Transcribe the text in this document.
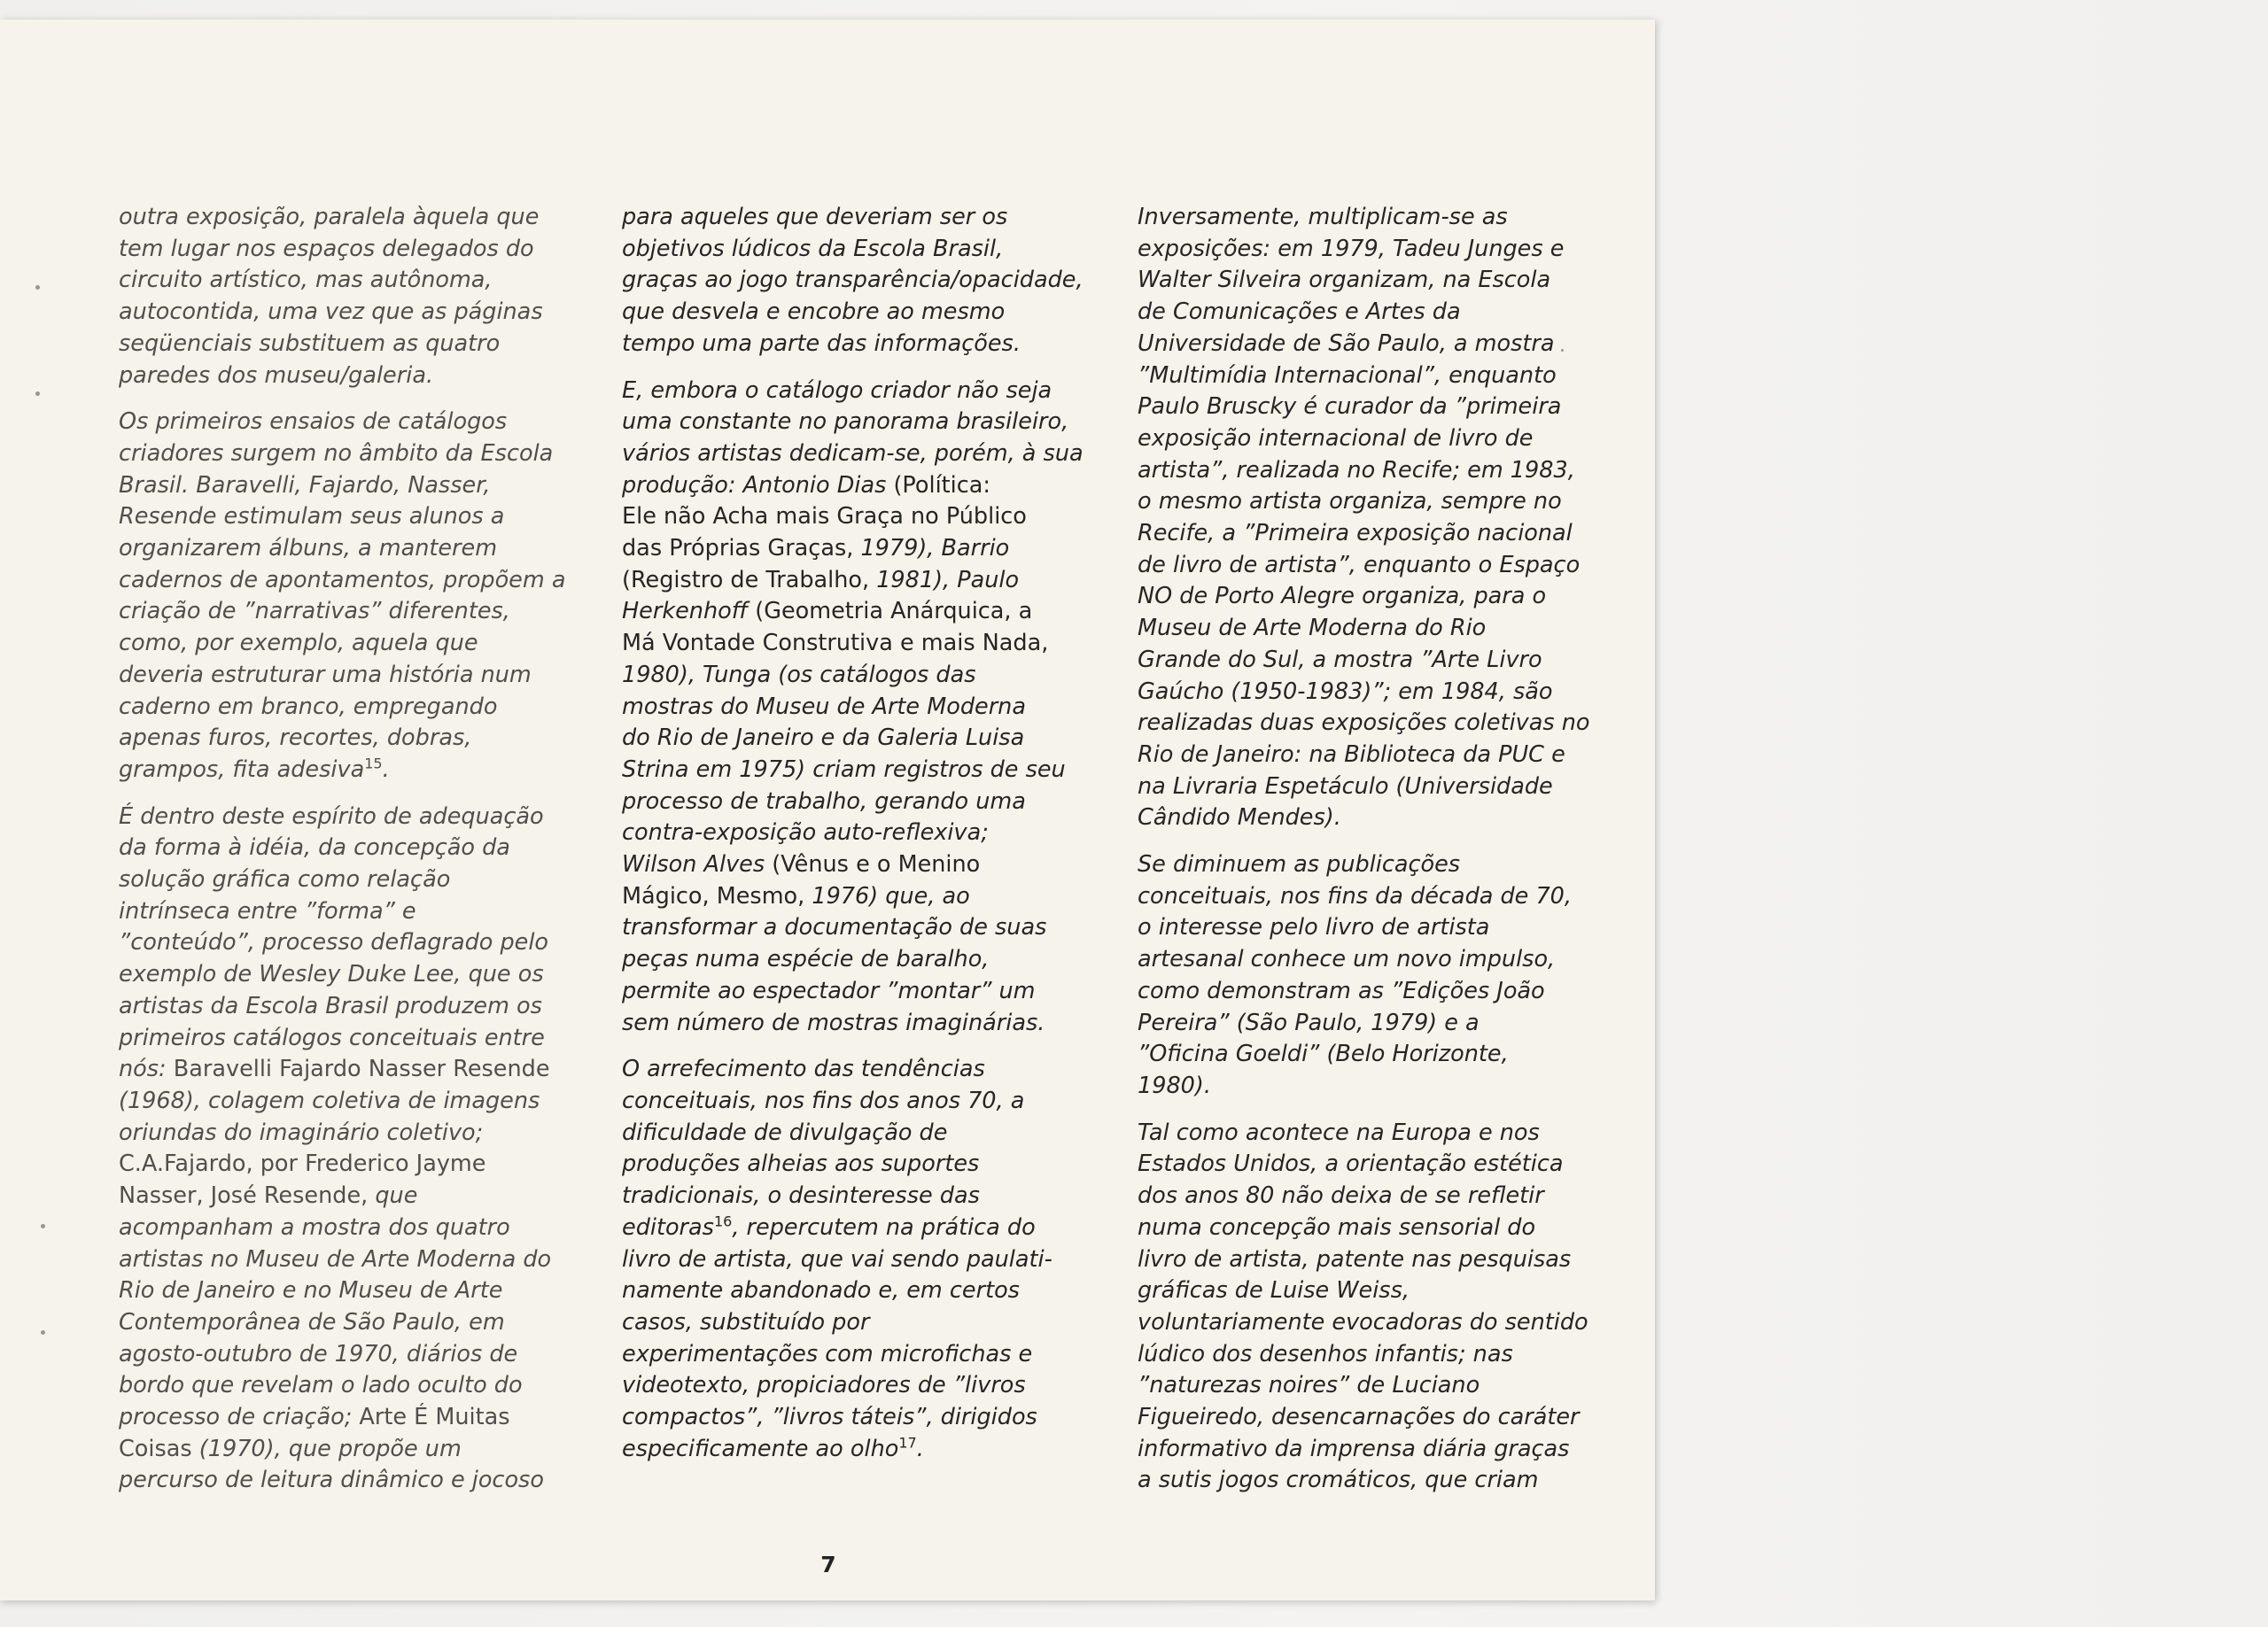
outra exposição, paralela àquela que
tem lugar nos espaços delegados do
circuito artístico, mas autônoma,
autocontida, uma vez que as páginas
seqüenciais substituem as quatro
paredes dos museu/galeria.

Os primeiros ensaios de catálogos
criadores surgem no âmbito da Escola
Brasil. Baravelli, Fajardo, Nasser,
Resende estimulam seus alunos a
organizarem álbuns, a manterem
cadernos de apontamentos, propõem a
criação de ”narrativas” diferentes,
como, por exemplo, aquela que
deveria estruturar uma história num
caderno em branco, empregando
apenas furos, recortes, dobras,
grampos, fita adesiva$^{15}$.

É dentro deste espírito de adequação
da forma à idéia, da concepção da
solução gráfica como relação
intrínseca entre ”forma” e
”conteúdo”, processo deflagrado pelo
exemplo de Wesley Duke Lee, que os
artistas da Escola Brasil produzem os
primeiros catálogos conceituais entre
nós: Baravelli Fajardo Nasser Resende
(1968), colagem coletiva de imagens
oriundas do imaginário coletivo;
C.A.Fajardo, por Frederico Jayme
Nasser, José Resende, que
acompanham a mostra dos quatro
artistas no Museu de Arte Moderna do
Rio de Janeiro e no Museu de Arte
Contemporânea de São Paulo, em
agosto-outubro de 1970, diários de
bordo que revelam o lado oculto do
processo de criação; Arte É Muitas
Coisas (1970), que propõe um
percurso de leitura dinâmico e jocoso

para aqueles que deveriam ser os
objetivos lúdicos da Escola Brasil,
graças ao jogo transparência/opacidade,
que desvela e encobre ao mesmo
tempo uma parte das informações.

E, embora o catálogo criador não seja
uma constante no panorama brasileiro,
vários artistas dedicam-se, porém, à sua
produção: Antonio Dias (Política:
Ele não Acha mais Graça no Público
das Próprias Graças, 1979), Barrio
(Registro de Trabalho, 1981), Paulo
Herkenhoff (Geometria Anárquica, a
Má Vontade Construtiva e mais Nada,
1980), Tunga (os catálogos das
mostras do Museu de Arte Moderna
do Rio de Janeiro e da Galeria Luisa
Strina em 1975) criam registros de seu
processo de trabalho, gerando uma
contra-exposição auto-reflexiva;
Wilson Alves (Vênus e o Menino
Mágico, Mesmo, 1976) que, ao
transformar a documentação de suas
peças numa espécie de baralho,
permite ao espectador ”montar” um
sem número de mostras imaginárias.

O arrefecimento das tendências
conceituais, nos fins dos anos 70, a
dificuldade de divulgação de
produções alheias aos suportes
tradicionais, o desinteresse das
editoras$^{16}$, repercutem na prática do
livro de artista, que vai sendo paulati-
namente abandonado e, em certos
casos, substituído por
experimentações com microfichas e
videotexto, propiciadores de ”livros
compactos”, ”livros táteis”, dirigidos
especificamente ao olho$^{17}$.

Inversamente, multiplicam-se as
exposições: em 1979, Tadeu Junges e
Walter Silveira organizam, na Escola
de Comunicações e Artes da
Universidade de São Paulo, a mostra
”Multimídia Internacional”, enquanto
Paulo Bruscky é curador da ”primeira
exposição internacional de livro de
artista”, realizada no Recife; em 1983,
o mesmo artista organiza, sempre no
Recife, a ”Primeira exposição nacional
de livro de artista”, enquanto o Espaço
NO de Porto Alegre organiza, para o
Museu de Arte Moderna do Rio
Grande do Sul, a mostra ”Arte Livro
Gaúcho (1950-1983)”; em 1984, são
realizadas duas exposições coletivas no
Rio de Janeiro: na Biblioteca da PUC e
na Livraria Espetáculo (Universidade
Cândido Mendes).

Se diminuem as publicações
conceituais, nos fins da década de 70,
o interesse pelo livro de artista
artesanal conhece um novo impulso,
como demonstram as ”Edições João
Pereira” (São Paulo, 1979) e a
”Oficina Goeldi” (Belo Horizonte,
1980).

Tal como acontece na Europa e nos
Estados Unidos, a orientação estética
dos anos 80 não deixa de se refletir
numa concepção mais sensorial do
livro de artista, patente nas pesquisas
gráficas de Luise Weiss,
voluntariamente evocadoras do sentido
lúdico dos desenhos infantis; nas
”naturezas noires” de Luciano
Figueiredo, desencarnações do caráter
informativo da imprensa diária graças
a sutis jogos cromáticos, que criam

7
